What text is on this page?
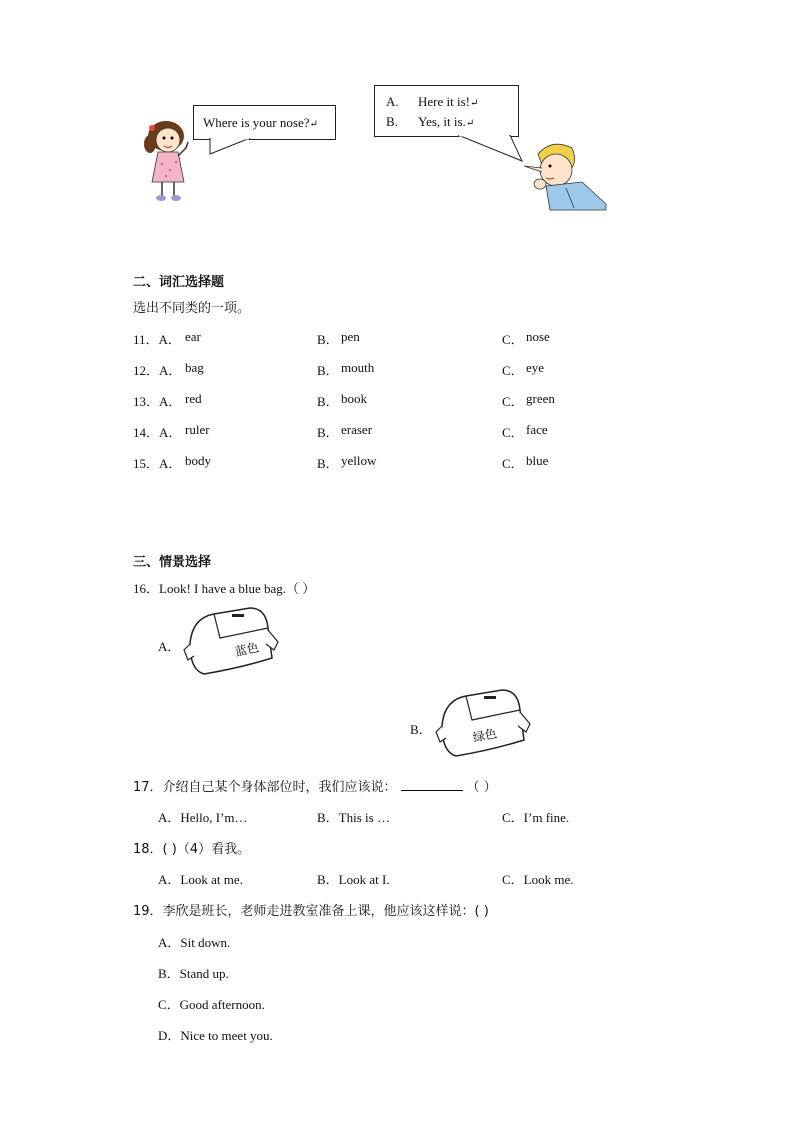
Where is your nose?↵
A. Here it is!↵
B. Yes, it is.↵
二、词汇选择题
选出不同类的一项。
11．A． ear	B． pen	C． nose
12．A． bag	B． mouth	C． eye
13．A． red	B． book	C． green
14．A． ruler	B． eraser	C． face
15．A． body	B． yellow	C． blue
三、情景选择
16．Look! I have a blue bag.（ ）
A．	蓝色
B．	绿色
17．介绍自己某个身体部位时，我们应该说：	（ ）
A．Hello, I’m…	B．This is …	C．I’m fine.
18．( )（4）看我。
A．Look at me.	B．Look at I.	C．Look me.
19．李欣是班长，老师走进教室准备上课，他应该这样说：( )
A．Sit down.
B．Stand up.
C．Good afternoon.
D．Nice to meet you.
